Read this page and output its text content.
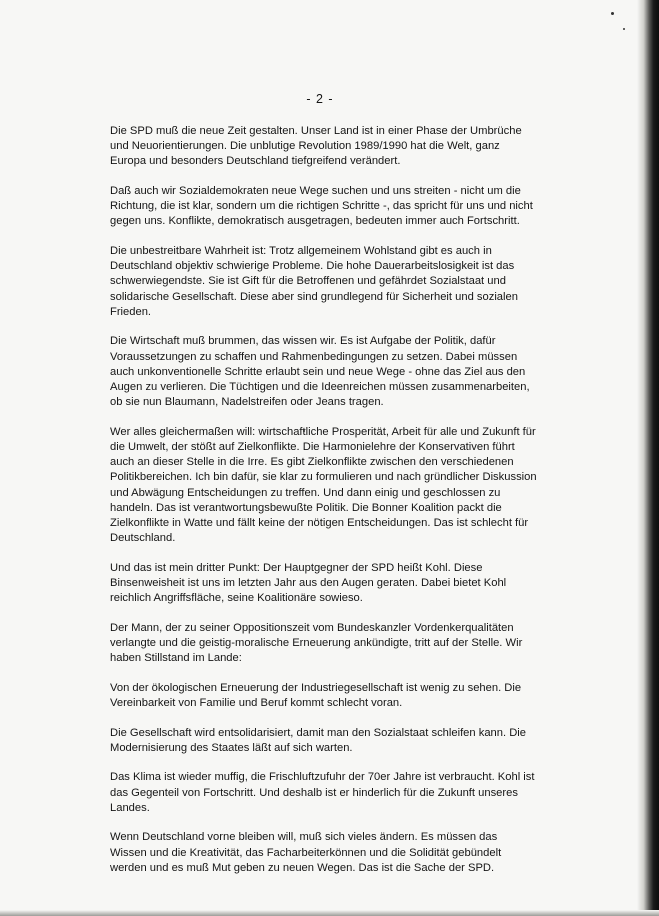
- 2 -
Die SPD muß die neue Zeit gestalten. Unser Land ist in einer Phase der Umbrüche
und Neuorientierungen. Die unblutige Revolution 1989/1990 hat die Welt, ganz
Europa und besonders Deutschland tiefgreifend verändert.
Daß auch wir Sozialdemokraten neue Wege suchen und uns streiten - nicht um die
Richtung, die ist klar, sondern um die richtigen Schritte -, das spricht für uns und nicht
gegen uns. Konflikte, demokratisch ausgetragen, bedeuten immer auch Fortschritt.
Die unbestreitbare Wahrheit ist: Trotz allgemeinem Wohlstand gibt es auch in
Deutschland objektiv schwierige Probleme. Die hohe Dauerarbeitslosigkeit ist das
schwerwiegendste. Sie ist Gift für die Betroffenen und gefährdet Sozialstaat und
solidarische Gesellschaft. Diese aber sind grundlegend für Sicherheit und sozialen
Frieden.
Die Wirtschaft muß brummen, das wissen wir. Es ist Aufgabe der Politik, dafür
Voraussetzungen zu schaffen und Rahmenbedingungen zu setzen. Dabei müssen
auch unkonventionelle Schritte erlaubt sein und neue Wege - ohne das Ziel aus den
Augen zu verlieren. Die Tüchtigen und die Ideenreichen müssen zusammenarbeiten,
ob sie nun Blaumann, Nadelstreifen oder Jeans tragen.
Wer alles gleichermaßen will: wirtschaftliche Prosperität, Arbeit für alle und Zukunft für
die Umwelt, der stößt auf Zielkonflikte. Die Harmonielehre der Konservativen führt
auch an dieser Stelle in die Irre. Es gibt Zielkonflikte zwischen den verschiedenen
Politikbereichen. Ich bin dafür, sie klar zu formulieren und nach gründlicher Diskussion
und Abwägung Entscheidungen zu treffen. Und dann einig und geschlossen zu
handeln. Das ist verantwortungsbewußte Politik. Die Bonner Koalition packt die
Zielkonflikte in Watte und fällt keine der nötigen Entscheidungen. Das ist schlecht für
Deutschland.
Und das ist mein dritter Punkt: Der Hauptgegner der SPD heißt Kohl. Diese
Binsenweisheit ist uns im letzten Jahr aus den Augen geraten. Dabei bietet Kohl
reichlich Angriffsfläche, seine Koalitionäre sowieso.
Der Mann, der zu seiner Oppositionszeit vom Bundeskanzler Vordenkerqualitäten
verlangte und die geistig-moralische Erneuerung ankündigte, tritt auf der Stelle. Wir
haben Stillstand im Lande:
Von der ökologischen Erneuerung der Industriegesellschaft ist wenig zu sehen. Die
Vereinbarkeit von Familie und Beruf kommt schlecht voran.
Die Gesellschaft wird entsolidarisiert, damit man den Sozialstaat schleifen kann. Die
Modernisierung des Staates läßt auf sich warten.
Das Klima ist wieder muffig, die Frischluftzufuhr der 70er Jahre ist verbraucht. Kohl ist
das Gegenteil von Fortschritt. Und deshalb ist er hinderlich für die Zukunft unseres
Landes.
Wenn Deutschland vorne bleiben will, muß sich vieles ändern. Es müssen das
Wissen und die Kreativität, das Facharbeiterkönnen und die Solidität gebündelt
werden und es muß Mut geben zu neuen Wegen. Das ist die Sache der SPD.
